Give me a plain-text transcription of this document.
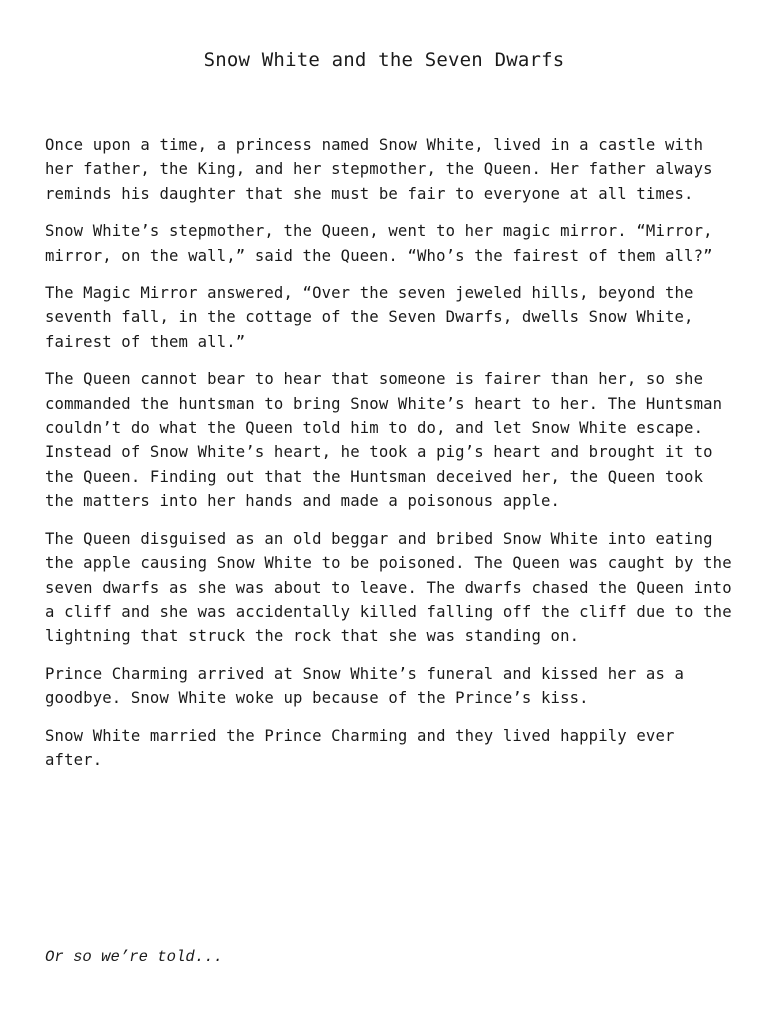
Snow White and the Seven Dwarfs

Once upon a time, a princess named Snow White, lived in a castle with her father, the King, and her stepmother, the Queen. Her father always reminds his daughter that she must be fair to everyone at all times.

Snow White’s stepmother, the Queen, went to her magic mirror. “Mirror, mirror, on the wall,” said the Queen. “Who’s the fairest of them all?”

The Magic Mirror answered, “Over the seven jeweled hills, beyond the seventh fall, in the cottage of the Seven Dwarfs, dwells Snow White, fairest of them all.”

The Queen cannot bear to hear that someone is fairer than her, so she commanded the huntsman to bring Snow White’s heart to her. The Huntsman couldn’t do what the Queen told him to do, and let Snow White escape. Instead of Snow White’s heart, he took a pig’s heart and brought it to the Queen. Finding out that the Huntsman deceived her, the Queen took the matters into her hands and made a poisonous apple.

The Queen disguised as an old beggar and bribed Snow White into eating the apple causing Snow White to be poisoned. The Queen was caught by the seven dwarfs as she was about to leave. The dwarfs chased the Queen into a cliff and she was accidentally killed falling off the cliff due to the lightning that struck the rock that she was standing on.

Prince Charming arrived at Snow White’s funeral and kissed her as a goodbye. Snow White woke up because of the Prince’s kiss.

Snow White married the Prince Charming and they lived happily ever after.

Or so we’re told...
